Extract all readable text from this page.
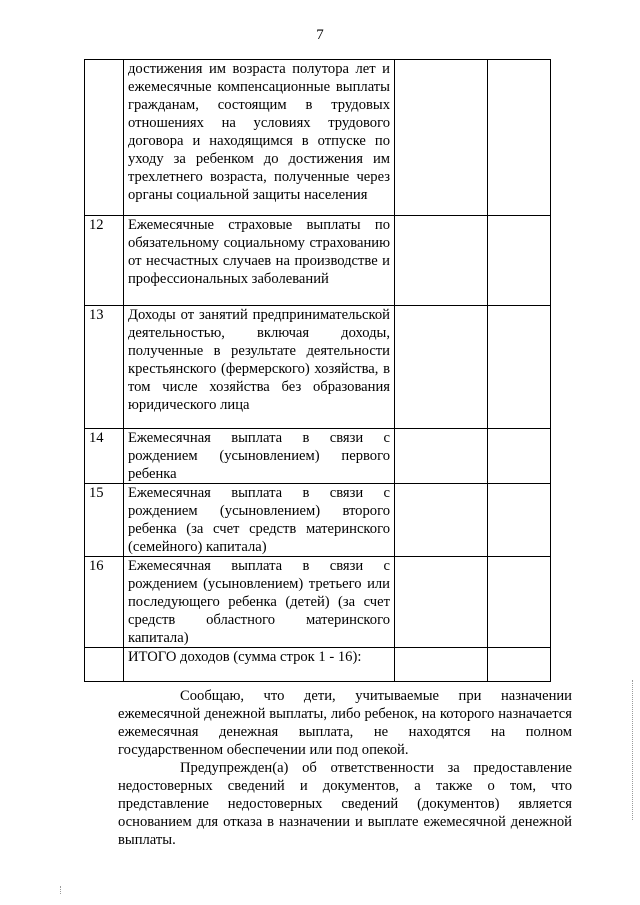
7

	достижения им возраста полутора лет и ежемесячные компенсационные выплаты гражданам, состоящим в трудовых отношениях на условиях трудового договора и находящимся в отпуске по уходу за ребенком до достижения им трехлетнего возраста, полученные через органы социальной защиты населения		

12	Ежемесячные страховые выплаты по обязательному социальному страхованию от несчастных случаев на производстве и профессиональных заболеваний		

13	Доходы от занятий предпринимательской деятельностью, включая доходы, полученные в результате деятельности крестьянского (фермерского) хозяйства, в том числе хозяйства без образования юридического лица		

14	Ежемесячная выплата в связи с рождением (усыновлением) первого ребенка		

15	Ежемесячная выплата в связи с рождением (усыновлением) второго ребенка (за счет средств материнского (семейного) капитала)		

16	Ежемесячная выплата в связи с рождением (усыновлением) третьего или последующего ребенка (детей) (за счет средств областного материнского капитала)		

	ИТОГО доходов (сумма строк 1 - 16):		

Сообщаю, что дети, учитываемые при назначении ежемесячной денежной выплаты, либо ребенок, на которого назначается ежемесячная денежная выплата, не находятся на полном государственном обеспечении или под опекой.

Предупрежден(а) об ответственности за предоставление недостоверных сведений и документов, а также о том, что представление недостоверных сведений (документов) является основанием для отказа в назначении и выплате ежемесячной денежной выплаты.
